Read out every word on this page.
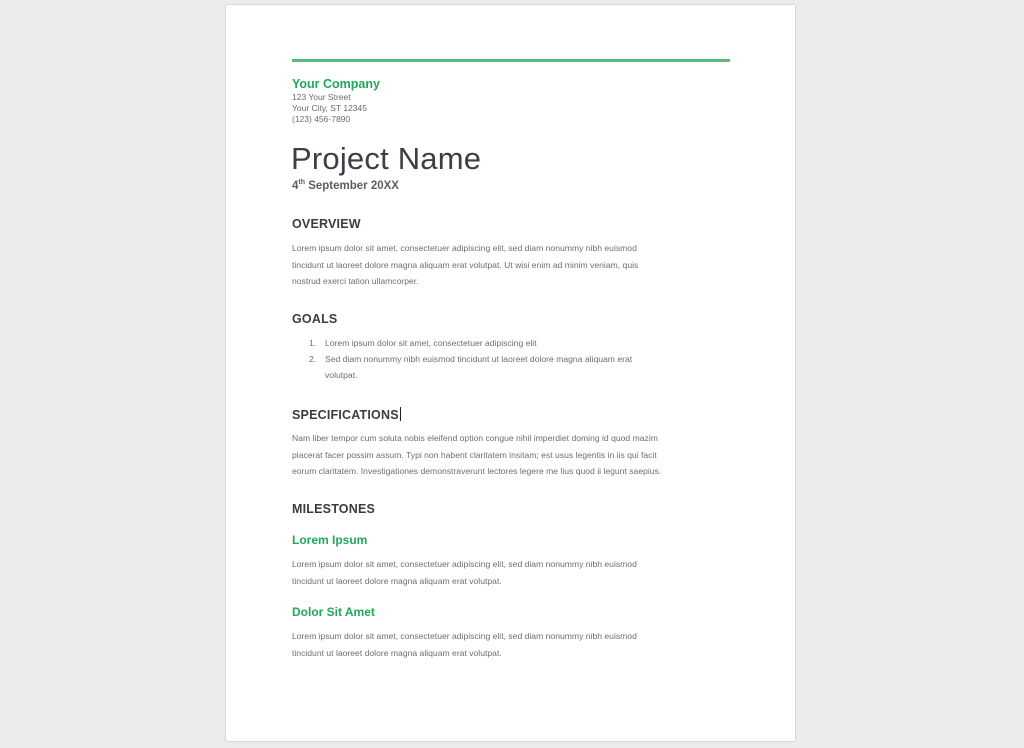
Your Company
123 Your Street
Your City, ST 12345
(123) 456-7890
Project Name
4th September 20XX
OVERVIEW
Lorem ipsum dolor sit amet, consectetuer adipiscing elit, sed diam nonummy nibh euismod
tincidunt ut laoreet dolore magna aliquam erat volutpat. Ut wisi enim ad minim veniam, quis
nostrud exerci tation ullamcorper.
GOALS
1. Lorem ipsum dolor sit amet, consectetuer adipiscing elit
2. Sed diam nonummy nibh euismod tincidunt ut laoreet dolore magna aliquam erat
volutpat.
SPECIFICATIONS
Nam liber tempor cum soluta nobis eleifend option congue nihil imperdiet doming id quod mazim
placerat facer possim assum. Typi non habent claritatem insitam; est usus legentis in iis qui facit
eorum claritatem. Investigationes demonstraverunt lectores legere me lius quod ii legunt saepius.
MILESTONES
Lorem Ipsum
Lorem ipsum dolor sit amet, consectetuer adipiscing elit, sed diam nonummy nibh euismod
tincidunt ut laoreet dolore magna aliquam erat volutpat.
Dolor Sit Amet
Lorem ipsum dolor sit amet, consectetuer adipiscing elit, sed diam nonummy nibh euismod
tincidunt ut laoreet dolore magna aliquam erat volutpat.
